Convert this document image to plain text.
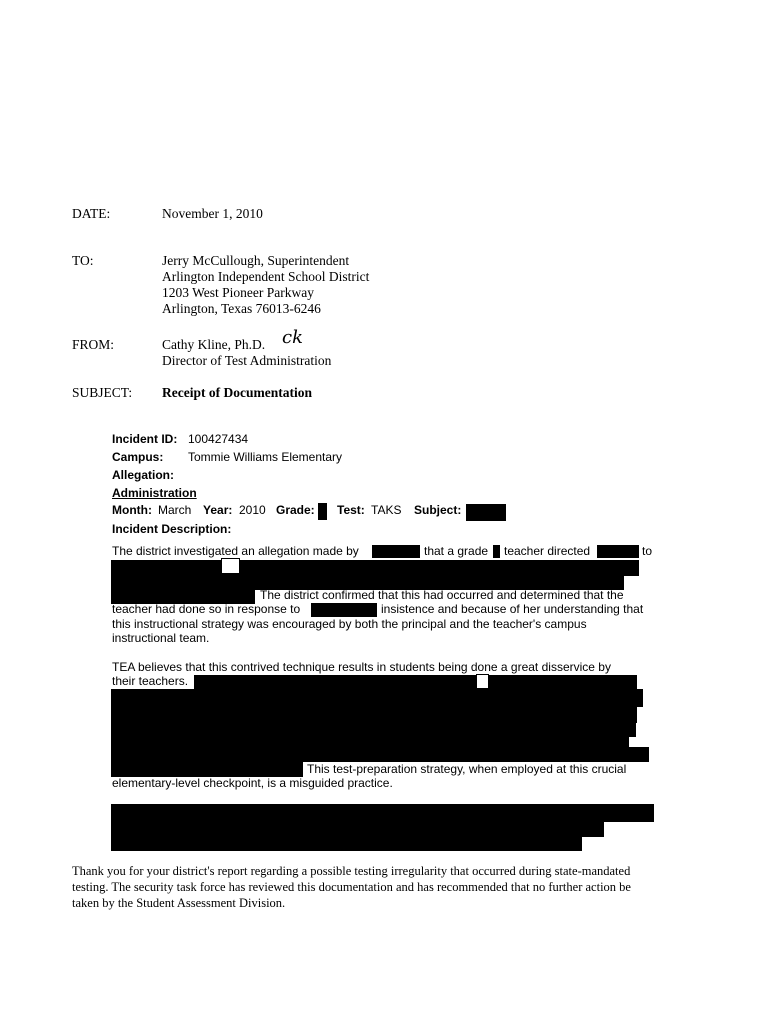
DATE:	November 1, 2010
TO:	Jerry McCullough, Superintendent
Arlington Independent School District
1203 West Pioneer Parkway
Arlington, Texas 76013-6246
FROM:	Cathy Kline, Ph.D. ck
Director of Test Administration
SUBJECT: Receipt of Documentation
Incident ID: 100427434
Campus: Tommie Williams Elementary
Allegation:
Administration
Month: March Year: 2010 Grade: Test: TAKS Subject:
Incident Description:
The district investigated an allegation made by	that a grade teacher directed	to
The district confirmed that this had occurred and determined that the
teacher had done so in response to	insistence and because of her understanding that
this instructional strategy was encouraged by both the principal and the teacher's campus
instructional team.
TEA believes that this contrived technique results in students being done a great disservice by
their teachers.
This test-preparation strategy, when employed at this crucial
elementary-level checkpoint, is a misguided practice.
Thank you for your district's report regarding a possible testing irregularity that occurred during state-mandated
testing. The security task force has reviewed this documentation and has recommended that no further action be
taken by the Student Assessment Division.
